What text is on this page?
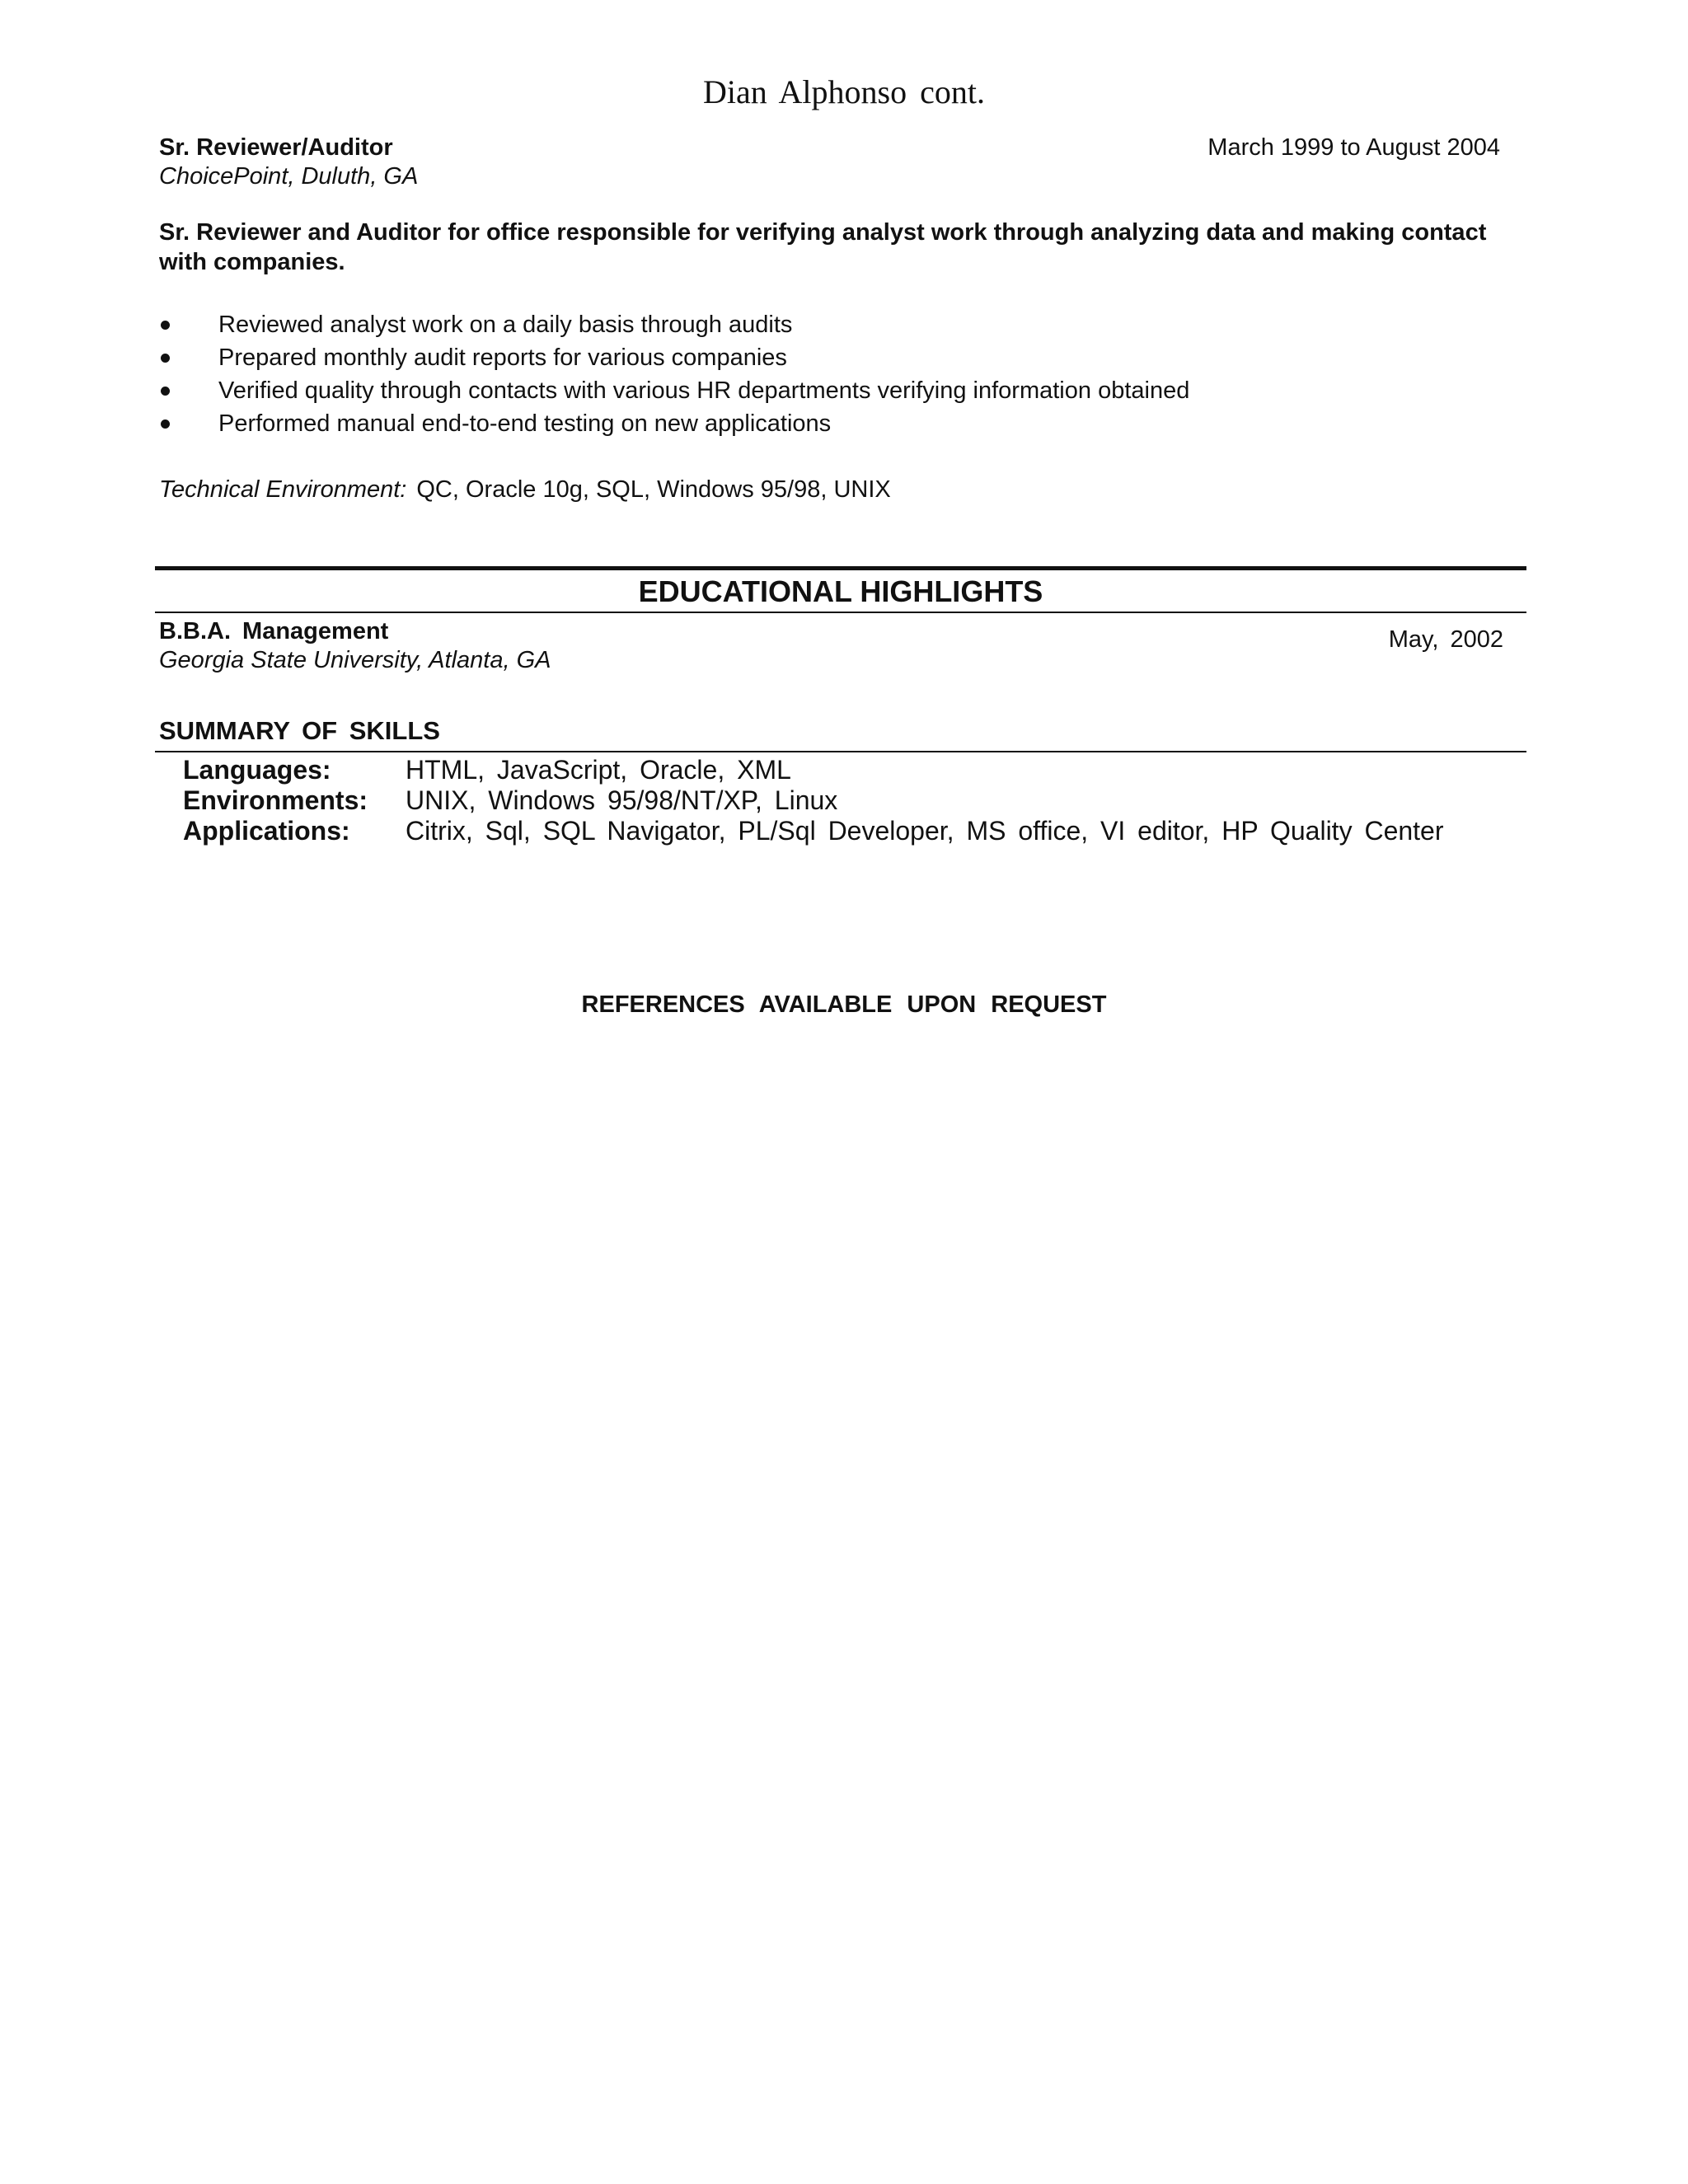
Dian Alphonso cont.
Sr. Reviewer/Auditor	March 1999 to August 2004
ChoicePoint, Duluth, GA
Sr. Reviewer and Auditor for office responsible for verifying analyst work through analyzing data and making contact with companies.
Reviewed analyst work on a daily basis through audits
Prepared monthly audit reports for various companies
Verified quality through contacts with various HR departments verifying information obtained
Performed manual end-to-end testing on new applications
Technical Environment: QC, Oracle 10g, SQL, Windows 95/98, UNIX
EDUCATIONAL HIGHLIGHTS
B.B.A. Management
Georgia State University, Atlanta, GA
May, 2002
SUMMARY OF SKILLS
Languages:	HTML, JavaScript, Oracle, XML
Environments: UNIX, Windows 95/98/NT/XP, Linux
Applications: Citrix, Sql, SQL Navigator, PL/Sql Developer, MS office, VI editor, HP Quality Center
REFERENCES AVAILABLE UPON REQUEST
